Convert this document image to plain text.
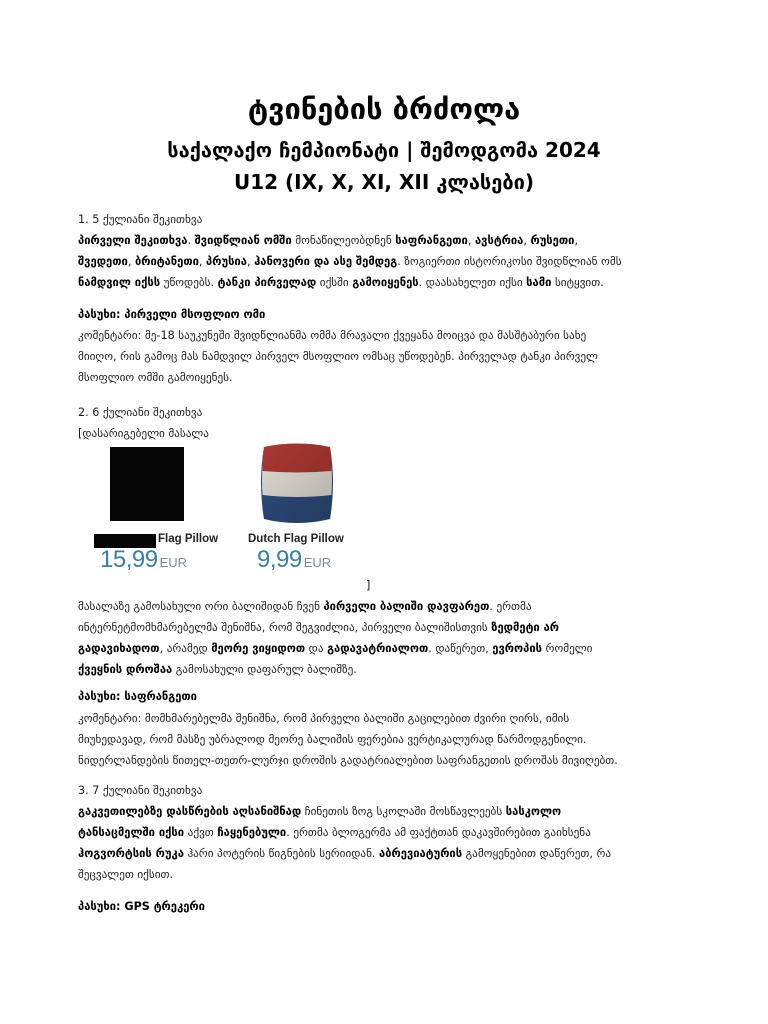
ტვინების ბრძოლა
საქალაქო ჩემპიონატი | შემოდგომა 2024
U12 (IX, X, XI, XII კლასები)
1. 5 ქულიანი შეკითხვა
პირველი შეკითხვა. შვიდწლიან ომში მონაწილეობდნენ საფრანგეთი, ავსტრია, რუსეთი,
შვედეთი, ბრიტანეთი, პრუსია, ჰანოვერი და ასე შემდეგ. ზოგიერთი ისტორიკოსი შვიდწლიან ომს
ნამდვილ იქსს უწოდებს. ტანკი პირველად იქსში გამოიყენეს. დაასახელეთ იქსი სამი სიტყვით.
პასუხი: პირველი მსოფლიო ომი
კომენტარი: მე-18 საუკუნეში შვიდწლიანმა ომმა მრავალი ქვეყანა მოიცვა და მასშტაბური სახე
მიიღო, რის გამოც მას ნამდვილ პირველ მსოფლიო ომსაც უწოდებენ. პირველად ტანკი პირველ
მსოფლიო ომში გამოიყენეს.
2. 6 ქულიანი შეკითხვა
[დასარიგებელი მასალა
Flag Pillow
15,99 EUR
Dutch Flag Pillow
9,99 EUR
]
მასალაზე გამოსახული ორი ბალიშიდან ჩვენ პირველი ბალიში დავფარეთ. ერთმა
ინტერნეტმომხმარებელმა შენიშნა, რომ შეგვიძლია, პირველი ბალიშისთვის ზედმეტი არ
გადავიხადოთ, არამედ მეორე ვიყიდოთ და გადავატრიალოთ. დაწერეთ, ევროპის რომელი
ქვეყნის დროშაა გამოსახული დაფარულ ბალიშზე.
პასუხი: საფრანგეთი
კომენტარი: მომხმარებელმა შენიშნა, რომ პირველი ბალიში გაცილებით ძვირი ღირს, იმის
მიუხედავად, რომ მასზე უბრალოდ მეორე ბალიშის ფერებია ვერტიკალურად წარმოდგენილი.
ნიდერლანდების წითელ-თეთრ-ლურჯი დროშის გადატრიალებით საფრანგეთის დროშას მივიღებთ.
3. 7 ქულიანი შეკითხვა
გაკვეთილებზე დასწრების აღსანიშნად ჩინეთის ზოგ სკოლაში მოსწავლეებს სასკოლო
ტანსაცმელში იქსი აქვთ ჩაყენებული. ერთმა ბლოგერმა ამ ფაქტთან დაკავშირებით გაიხსენა
ჰოგვორტსის რუკა ჰარი პოტერის წიგნების სერიიდან. აბრევიატურის გამოყენებით დაწერეთ, რა
შეცვალეთ იქსით.
პასუხი: GPS ტრეკერი
